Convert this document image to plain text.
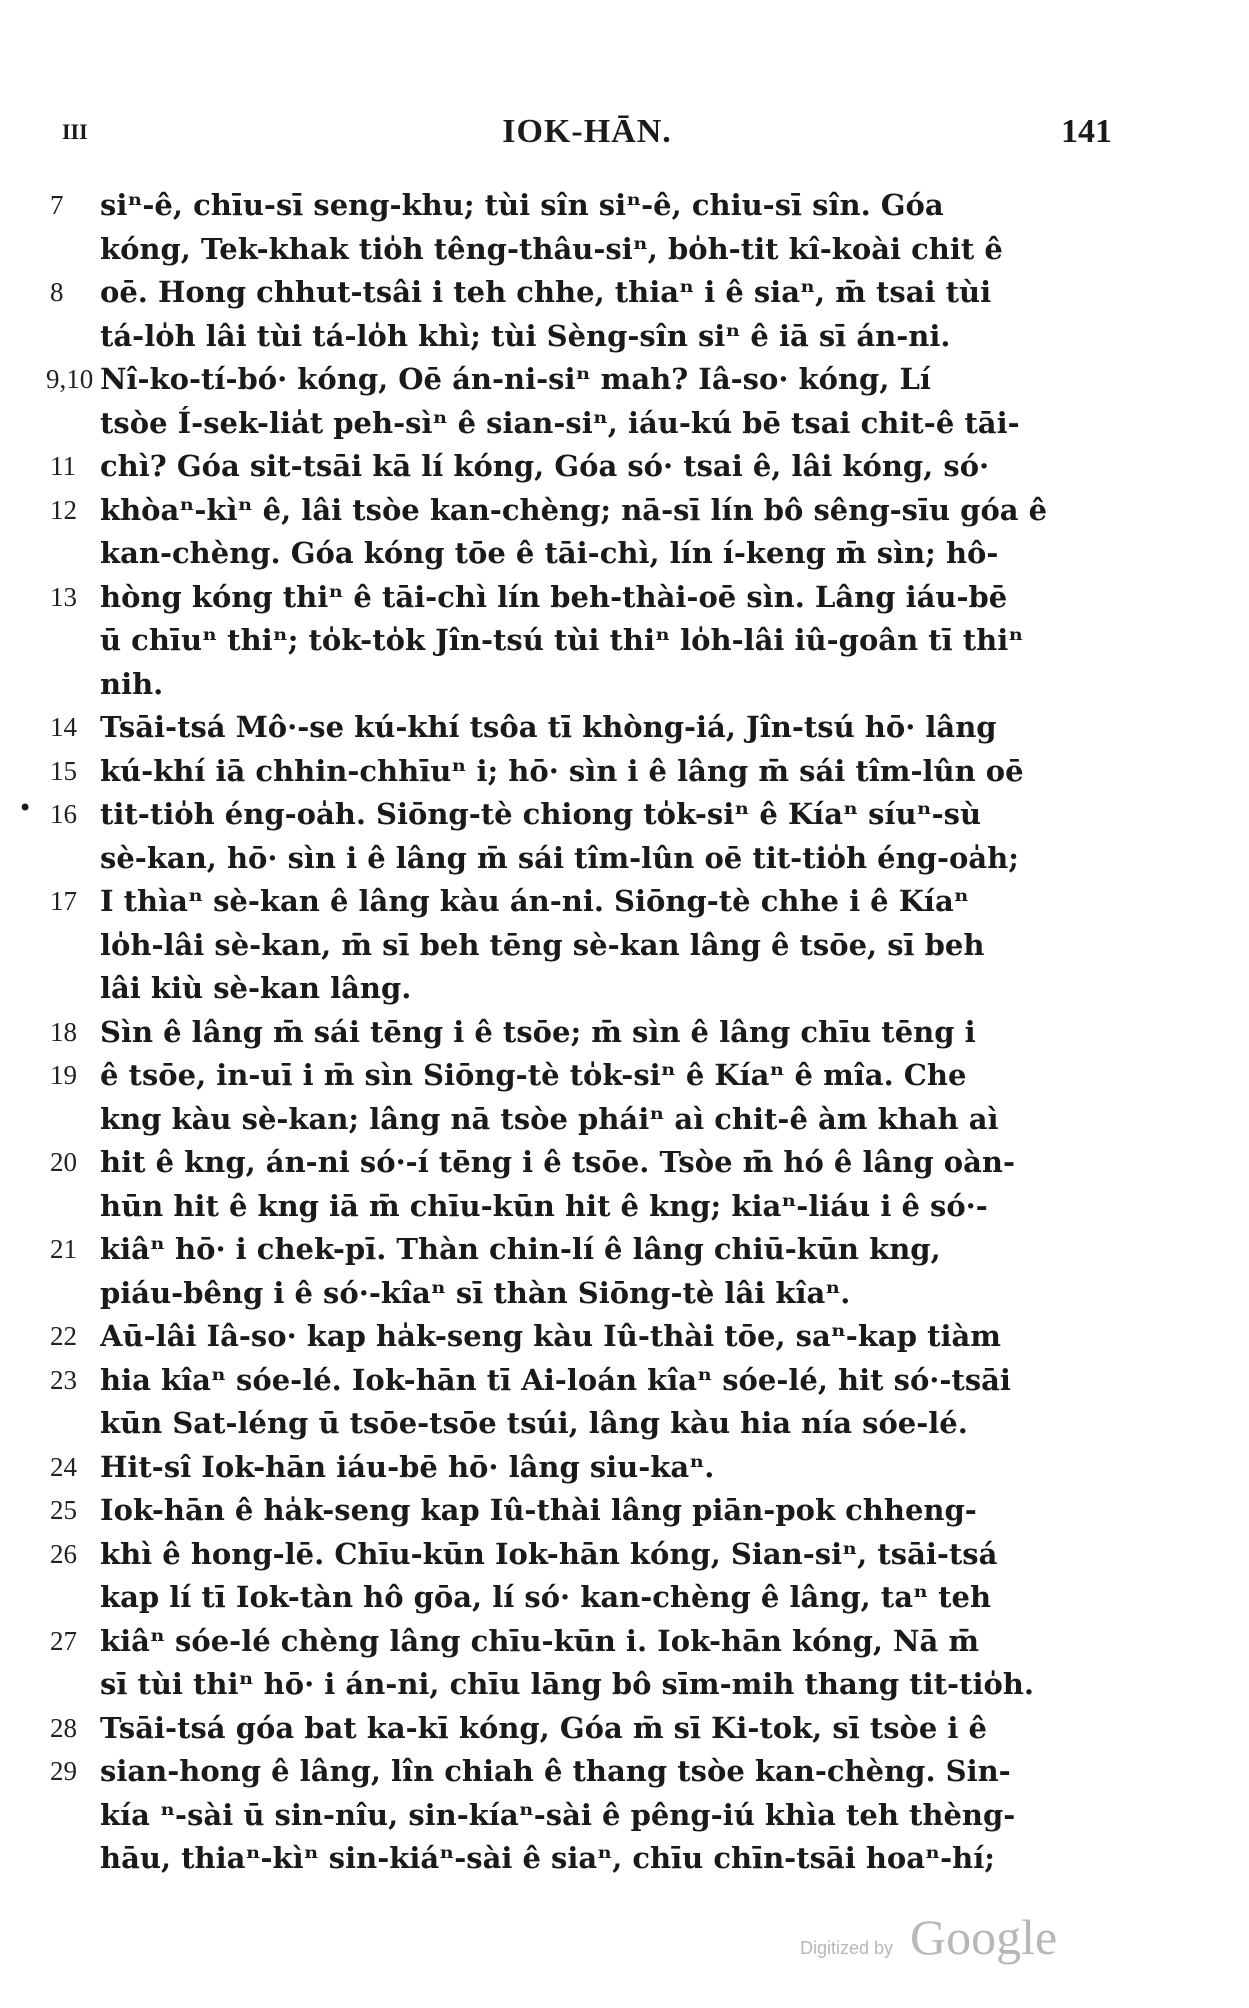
III	IOK-HĀN.	141
•
7	siⁿ-ê, chīu-sī seng-khu; tùi sîn siⁿ-ê, chiu-sī sîn. Góa
kóng, Tek-khak tio̍h têng-thâu-siⁿ, bo̍h-tit kî-koài chit ê
8	oē. Hong chhut-tsâi i teh chhe, thiaⁿ i ê siaⁿ, m̄ tsai tùi
tá-lo̍h lâi tùi tá-lo̍h khì; tùi Sèng-sîn siⁿ ê iā sī án-ni.
9,10 Nî-ko-tí-bó· kóng, Oē án-ni-siⁿ mah? Iâ-so· kóng, Lí
tsòe Í-sek-lia̍t peh-sìⁿ ê sian-siⁿ, iáu-kú bē tsai chit-ê tāi-
11 chì? Góa sit-tsāi kā lí kóng, Góa só· tsai ê, lâi kóng, só·
12 khòaⁿ-kìⁿ ê, lâi tsòe kan-chèng; nā-sī lín bô sêng-sīu góa ê
kan-chèng. Góa kóng tōe ê tāi-chì, lín í-keng m̄ sìn; hô-
13 hòng kóng thiⁿ ê tāi-chì lín beh-thài-oē sìn. Lâng iáu-bē
ū chīuⁿ thiⁿ; to̍k-to̍k Jîn-tsú tùi thiⁿ lo̍h-lâi iû-goân tī thiⁿ
nih.
14 Tsāi-tsá Mô·-se kú-khí tsôa tī khòng-iá, Jîn-tsú hō· lâng
15 kú-khí iā chhin-chhīuⁿ i; hō· sìn i ê lâng m̄ sái tîm-lûn oē
16 tit-tio̍h éng-oa̍h. Siōng-tè chiong to̍k-siⁿ ê Kíaⁿ síuⁿ-sù
sè-kan, hō· sìn i ê lâng m̄ sái tîm-lûn oē tit-tio̍h éng-oa̍h;
17 I thìaⁿ sè-kan ê lâng kàu án-ni. Siōng-tè chhe i ê Kíaⁿ
lo̍h-lâi sè-kan, m̄ sī beh tēng sè-kan lâng ê tsōe, sī beh
lâi kiù sè-kan lâng.
18 Sìn ê lâng m̄ sái tēng i ê tsōe; m̄ sìn ê lâng chīu tēng i
19 ê tsōe, in-uī i m̄ sìn Siōng-tè to̍k-siⁿ ê Kíaⁿ ê mîa. Che
kng kàu sè-kan; lâng nā tsòe pháiⁿ aì chit-ê àm khah aì
20 hit ê kng, án-ni só·-í tēng i ê tsōe. Tsòe m̄ hó ê lâng oàn-
hūn hit ê kng iā m̄ chīu-kūn hit ê kng; kiaⁿ-liáu i ê só·-
21 kiâⁿ hō· i chek-pī. Thàn chin-lí ê lâng chiū-kūn kng,
piáu-bêng i ê só·-kîaⁿ sī thàn Siōng-tè lâi kîaⁿ.
22 Aū-lâi Iâ-so· kap ha̍k-seng kàu Iû-thài tōe, saⁿ-kap tiàm
23 hia kîaⁿ sóe-lé. Iok-hān tī Ai-loán kîaⁿ sóe-lé, hit só·-tsāi
kūn Sat-léng ū tsōe-tsōe tsúi, lâng kàu hia nía sóe-lé.
24 Hit-sî Iok-hān iáu-bē hō· lâng siu-kaⁿ.
25 Iok-hān ê ha̍k-seng kap Iû-thài lâng piān-pok chheng-
26 khì ê hong-lē. Chīu-kūn Iok-hān kóng, Sian-siⁿ, tsāi-tsá
kap lí tī Iok-tàn hô gōa, lí só· kan-chèng ê lâng, taⁿ teh
27 kiâⁿ sóe-lé chèng lâng chīu-kūn i. Iok-hān kóng, Nā m̄
sī tùi thiⁿ hō· i án-ni, chīu lāng bô sīm-mih thang tit-tio̍h.
28 Tsāi-tsá góa bat ka-kī kóng, Góa m̄ sī Ki-tok, sī tsòe i ê
29 sian-hong ê lâng, lîn chiah ê thang tsòe kan-chèng. Sin-
kía ⁿ-sài ū sin-nîu, sin-kíaⁿ-sài ê pêng-iú khìa teh thèng-
hāu, thiaⁿ-kìⁿ sin-kiáⁿ-sài ê siaⁿ, chīu chīn-tsāi hoaⁿ-hí;
Digitized by Google
